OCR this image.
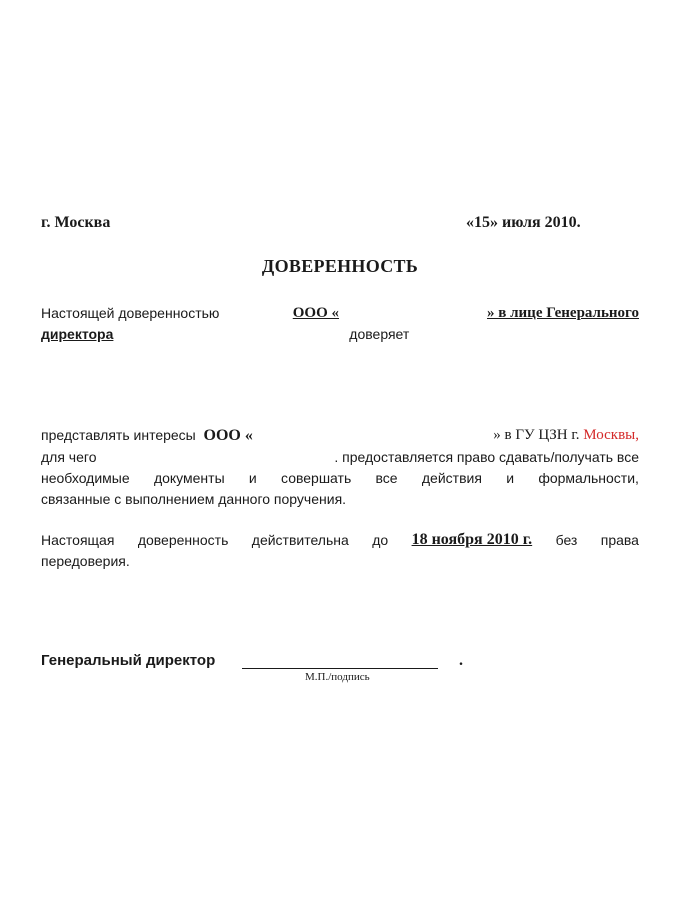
г. Москва	«15» июля 2010.
ДОВЕРЕННОСТЬ
Настоящей доверенностью	ООО «	» в лице Генерального
директора	доверяет
представлять интересы ООО «	» в ГУ ЦЗН г. Москвы,
для чего	. предоставляется право сдавать/получать все
необходимые документы и совершать все действия и формальности,
связанные с выполнением данного поручения.
Настоящая доверенность действительна до 18 ноября 2010 г. без права
передоверия.
Генеральный директор	.
М.П./подпись
